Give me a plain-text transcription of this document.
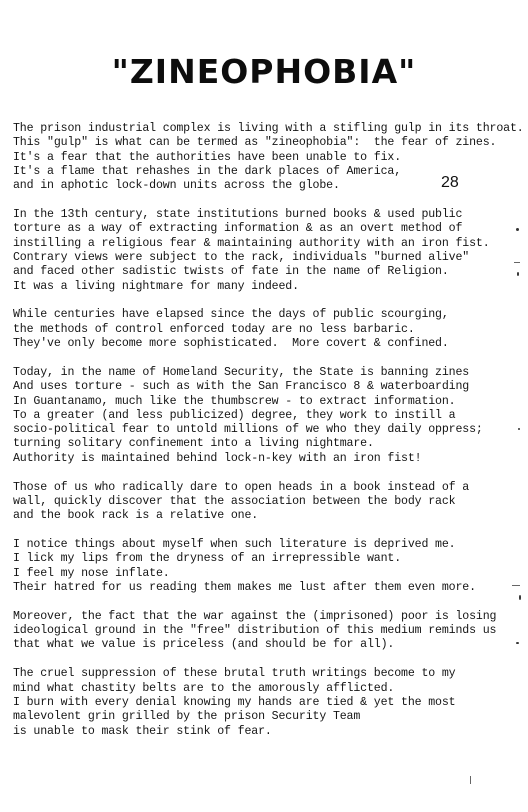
"ZINEOPHOBIA"
28

The prison industrial complex is living with a stifling gulp in its throat.
This "gulp" is what can be termed as "zineophobia":  the fear of zines.
It's a fear that the authorities have been unable to fix.
It's a flame that rehashes in the dark places of America,
and in aphotic lock-down units across the globe.

In the 13th century, state institutions burned books & used public
torture as a way of extracting information & as an overt method of
instilling a religious fear & maintaining authority with an iron fist.
Contrary views were subject to the rack, individuals "burned alive"
and faced other sadistic twists of fate in the name of Religion.
It was a living nightmare for many indeed.

While centuries have elapsed since the days of public scourging,
the methods of control enforced today are no less barbaric.
They've only become more sophisticated.  More covert & confined.

Today, in the name of Homeland Security, the State is banning zines
And uses torture - such as with the San Francisco 8 & waterboarding
In Guantanamo, much like the thumbscrew - to extract information.
To a greater (and less publicized) degree, they work to instill a
socio-political fear to untold millions of we who they daily oppress;
turning solitary confinement into a living nightmare.
Authority is maintained behind lock-n-key with an iron fist!

Those of us who radically dare to open heads in a book instead of a
wall, quickly discover that the association between the body rack
and the book rack is a relative one.

I notice things about myself when such literature is deprived me.
I lick my lips from the dryness of an irrepressible want.
I feel my nose inflate.
Their hatred for us reading them makes me lust after them even more.

Moreover, the fact that the war against the (imprisoned) poor is losing
ideological ground in the "free" distribution of this medium reminds us
that what we value is priceless (and should be for all).

The cruel suppression of these brutal truth writings become to my
mind what chastity belts are to the amorously afflicted.
I burn with every denial knowing my hands are tied & yet the most
malevolent grin grilled by the prison Security Team
is unable to mask their stink of fear.
